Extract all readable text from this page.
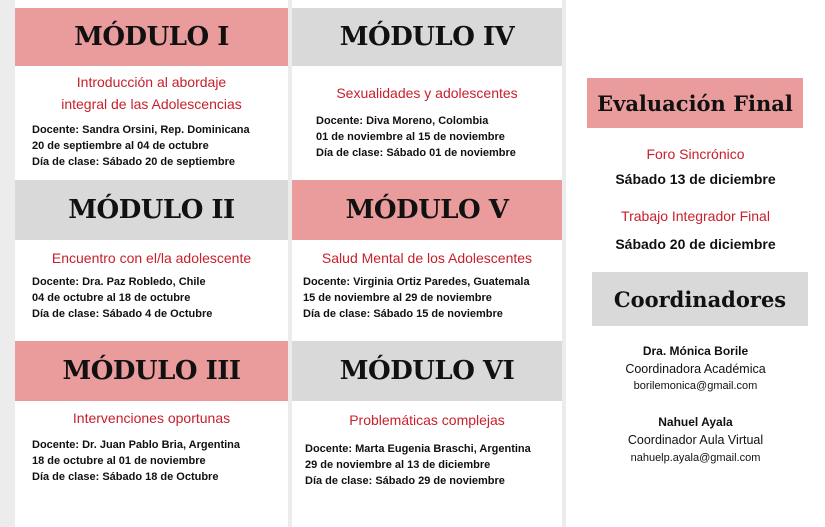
MÓDULO I
Introducción al abordaje
integral de las Adolescencias
Docente: Sandra Orsini, Rep. Dominicana
20 de septiembre al 04 de octubre
Día de clase: Sábado 20 de septiembre
MÓDULO II
Encuentro con el/la adolescente
Docente: Dra. Paz Robledo, Chile
04 de octubre al 18 de octubre
Día de clase: Sábado 4 de Octubre
MÓDULO III
Intervenciones oportunas
Docente: Dr. Juan Pablo Bria, Argentina
18 de octubre al 01 de noviembre
Día de clase: Sábado 18 de Octubre
MÓDULO IV
Sexualidades y adolescentes
Docente: Diva Moreno, Colombia
01 de noviembre al 15 de noviembre
Día de clase: Sábado 01 de noviembre
MÓDULO V
Salud Mental de los Adolescentes
Docente: Virginia Ortiz Paredes, Guatemala
15 de noviembre al 29 de noviembre
Día de clase: Sábado 15 de noviembre
MÓDULO VI
Problemáticas complejas
Docente: Marta Eugenia Braschi, Argentina
29 de noviembre al 13 de diciembre
Día de clase: Sábado 29 de noviembre
Evaluación Final
Foro Sincrónico
Sábado 13 de diciembre
Trabajo Integrador Final
Sábado 20 de diciembre
Coordinadores
Dra. Mónica Borile
Coordinadora Académica
borilemonica@gmail.com
Nahuel Ayala
Coordinador Aula Virtual
nahuelp.ayala@gmail.com
